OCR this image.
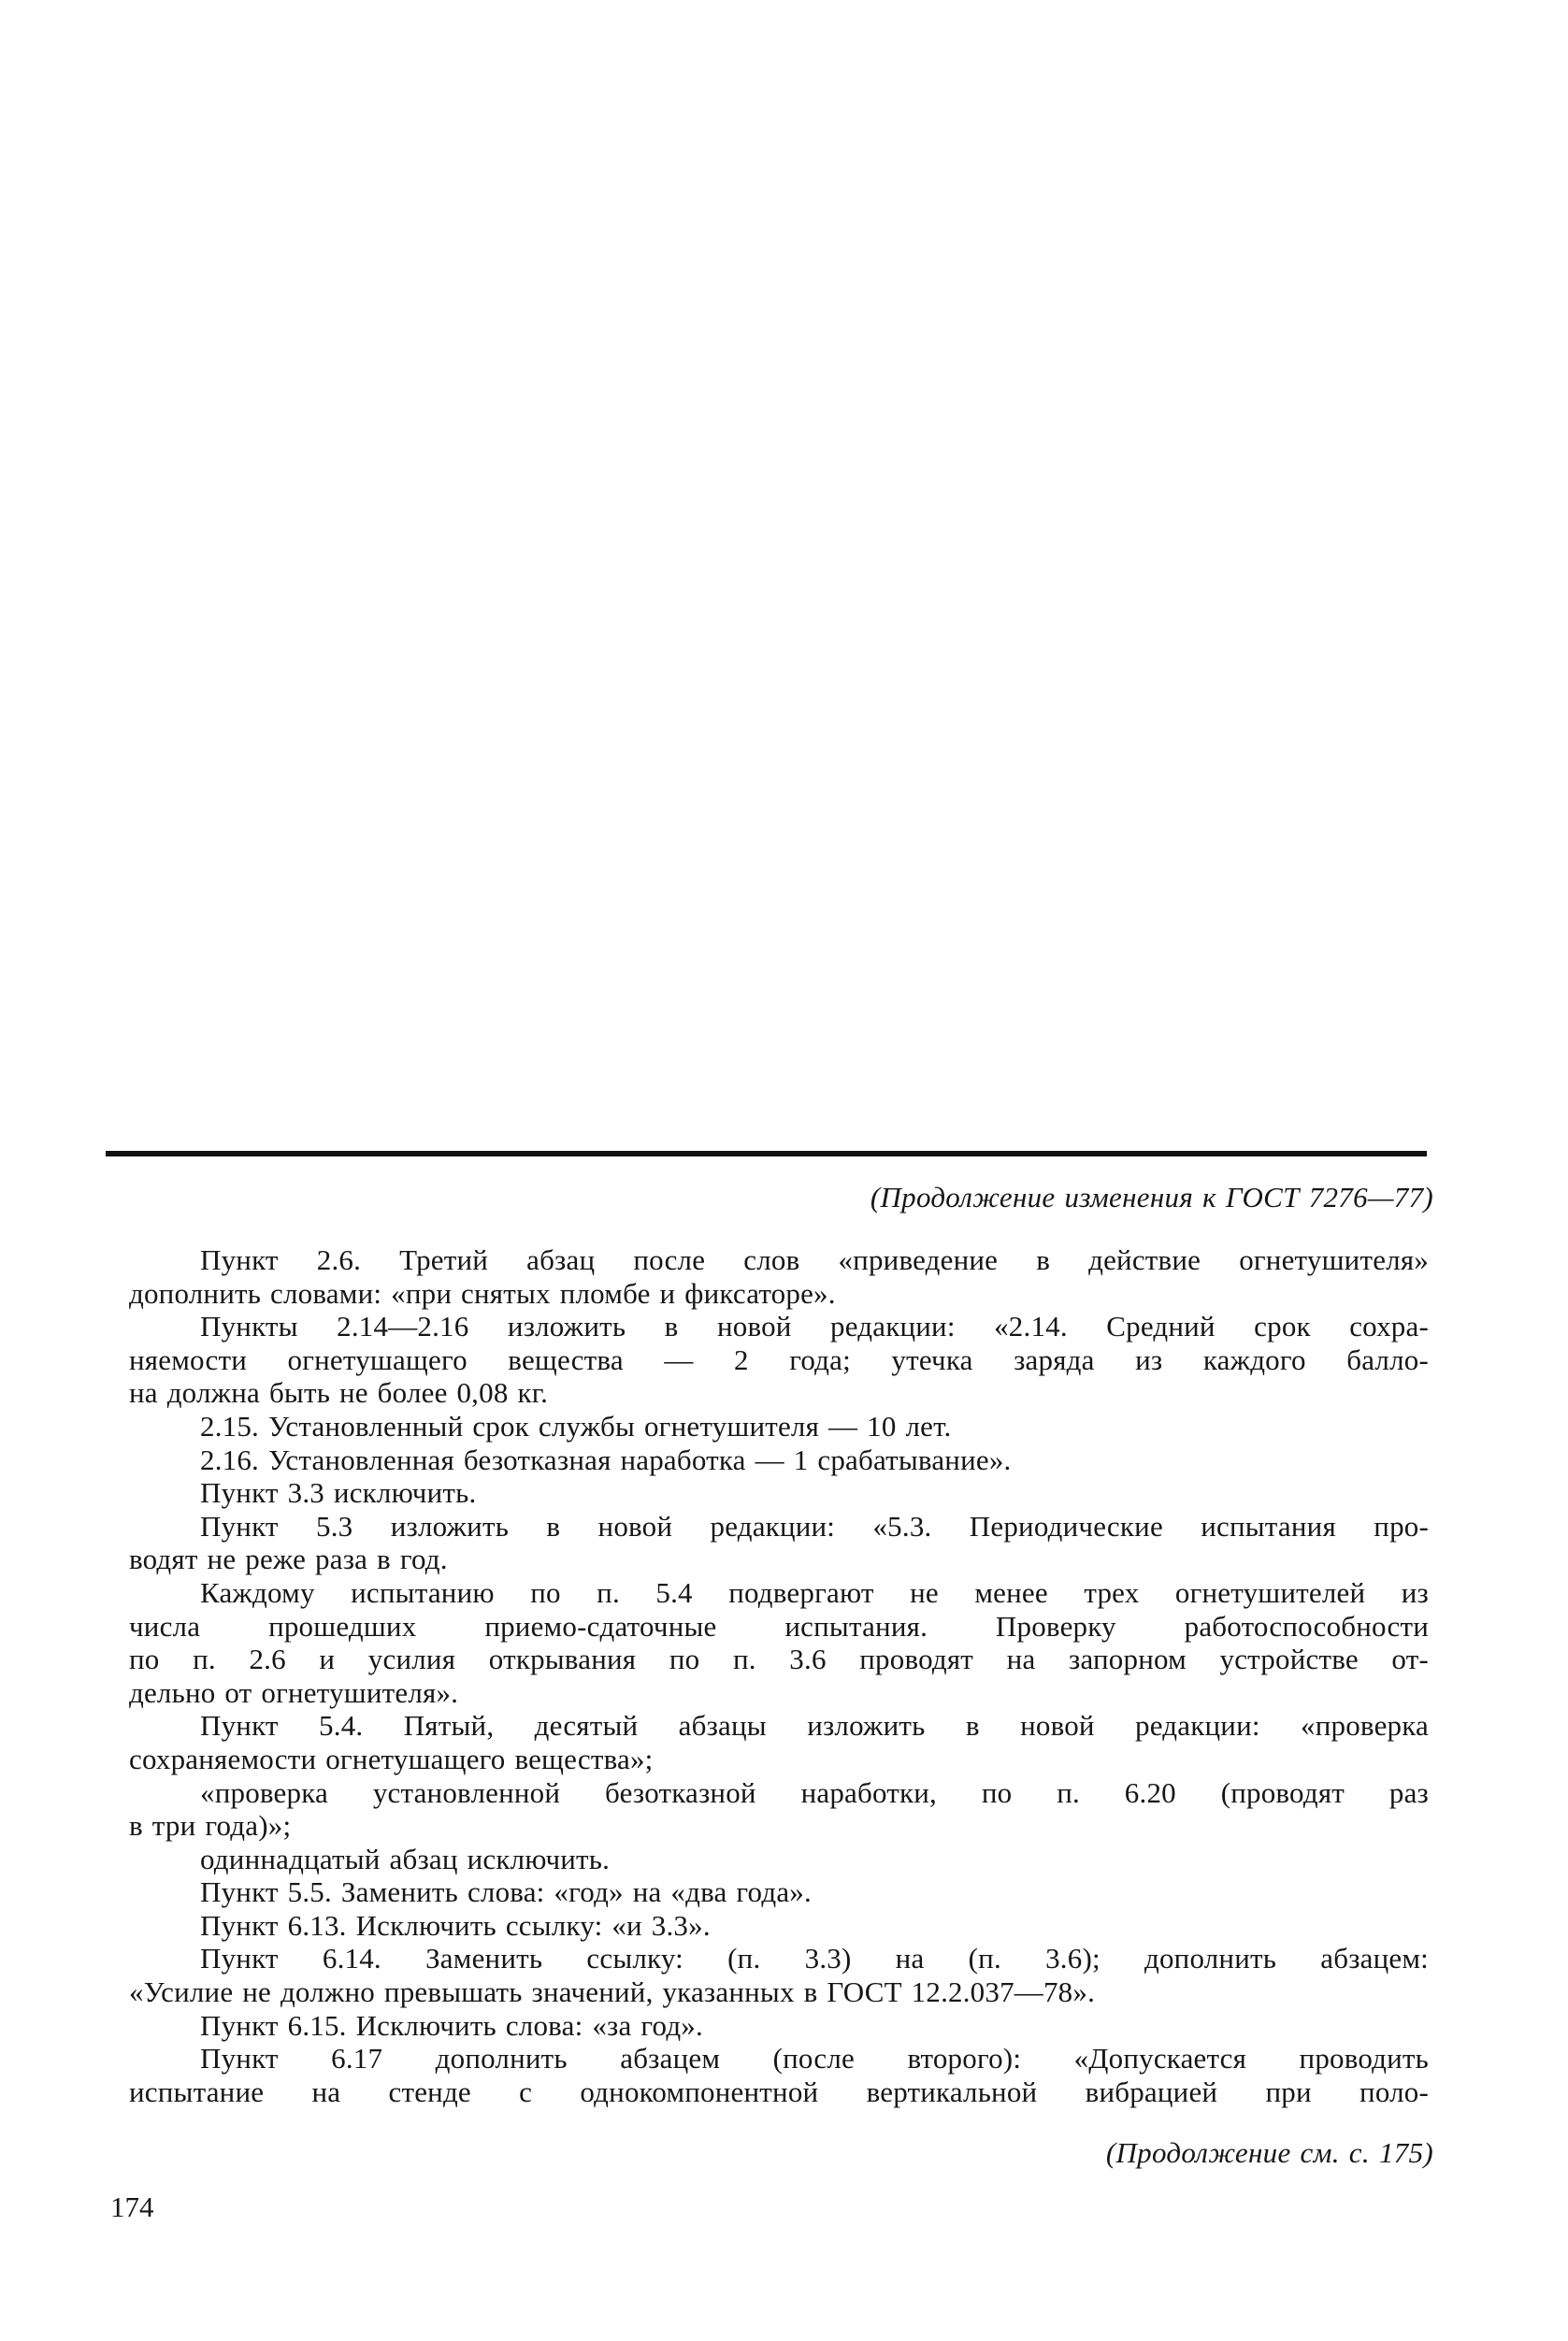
(Продолжение изменения к ГОСТ 7276—77)
Пункт 2.6. Третий абзац после слов «приведение в действие огнетушителя»
дополнить словами: «при снятых пломбе и фиксаторе».
Пункты 2.14—2.16 изложить в новой редакции: «2.14. Средний срок сохра-
няемости огнетушащего вещества — 2 года; утечка заряда из каждого балло-
на должна быть не более 0,08 кг.
2.15. Установленный срок службы огнетушителя — 10 лет.
2.16. Установленная безотказная наработка — 1 срабатывание».
Пункт 3.3 исключить.
Пункт 5.3 изложить в новой редакции: «5.3. Периодические испытания про-
водят не реже раза в год.
Каждому испытанию по п. 5.4 подвергают не менее трех огнетушителей из
числа прошедших приемо-сдаточные испытания. Проверку работоспособности
по п. 2.6 и усилия открывания по п. 3.6 проводят на запорном устройстве от-
дельно от огнетушителя».
Пункт 5.4. Пятый, десятый абзацы изложить в новой редакции: «проверка
сохраняемости огнетушащего вещества»;
«проверка установленной безотказной наработки, по п. 6.20 (проводят раз
в три года)»;
одиннадцатый абзац исключить.
Пункт 5.5. Заменить слова: «год» на «два года».
Пункт 6.13. Исключить ссылку: «и 3.3».
Пункт 6.14. Заменить ссылку: (п. 3.3) на (п. 3.6); дополнить абзацем:
«Усилие не должно превышать значений, указанных в ГОСТ 12.2.037—78».
Пункт 6.15. Исключить слова: «за год».
Пункт 6.17 дополнить абзацем (после второго): «Допускается проводить
испытание на стенде с однокомпонентной вертикальной вибрацией при поло-
(Продолжение см. с. 175)
174
